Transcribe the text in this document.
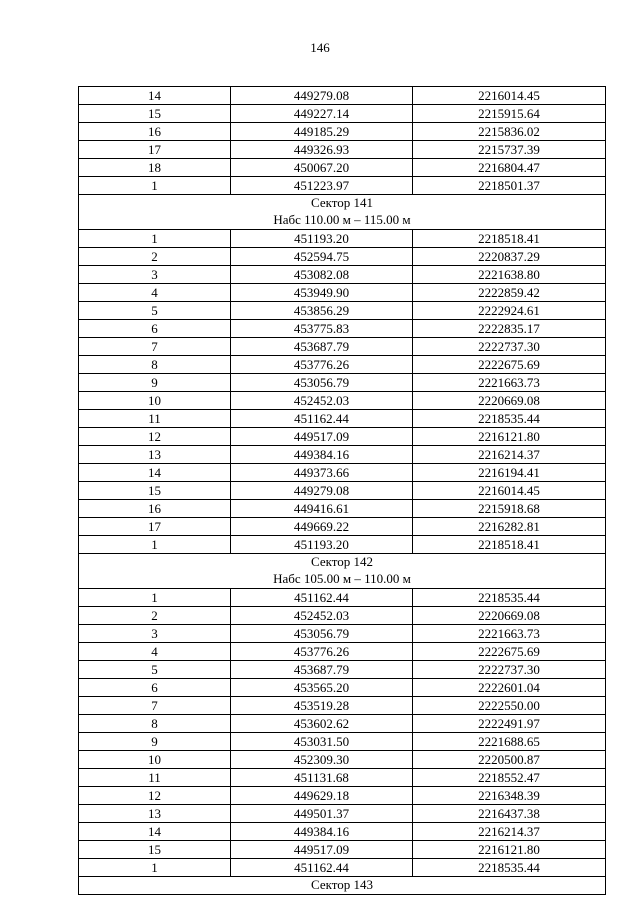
146
14	449279.08	2216014.45
15	449227.14	2215915.64
16	449185.29	2215836.02
17	449326.93	2215737.39
18	450067.20	2216804.47
1	451223.97	2218501.37

Сектор 141
Набс 110.00 м – 115.00 м		

1	451193.20	2218518.41
2	452594.75	2220837.29
3	453082.08	2221638.80
4	453949.90	2222859.42
5	453856.29	2222924.61
6	453775.83	2222835.17
7	453687.79	2222737.30
8	453776.26	2222675.69
9	453056.79	2221663.73
10	452452.03	2220669.08
11	451162.44	2218535.44
12	449517.09	2216121.80
13	449384.16	2216214.37
14	449373.66	2216194.41
15	449279.08	2216014.45
16	449416.61	2215918.68
17	449669.22	2216282.81
1	451193.20	2218518.41

Сектор 142
Набс 105.00 м – 110.00 м		

1	451162.44	2218535.44
2	452452.03	2220669.08
3	453056.79	2221663.73
4	453776.26	2222675.69
5	453687.79	2222737.30
6	453565.20	2222601.04
7	453519.28	2222550.00
8	453602.62	2222491.97
9	453031.50	2221688.65
10	452309.30	2220500.87
11	451131.68	2218552.47
12	449629.18	2216348.39
13	449501.37	2216437.38
14	449384.16	2216214.37
15	449517.09	2216121.80
1	451162.44	2218535.44

Сектор 143		
